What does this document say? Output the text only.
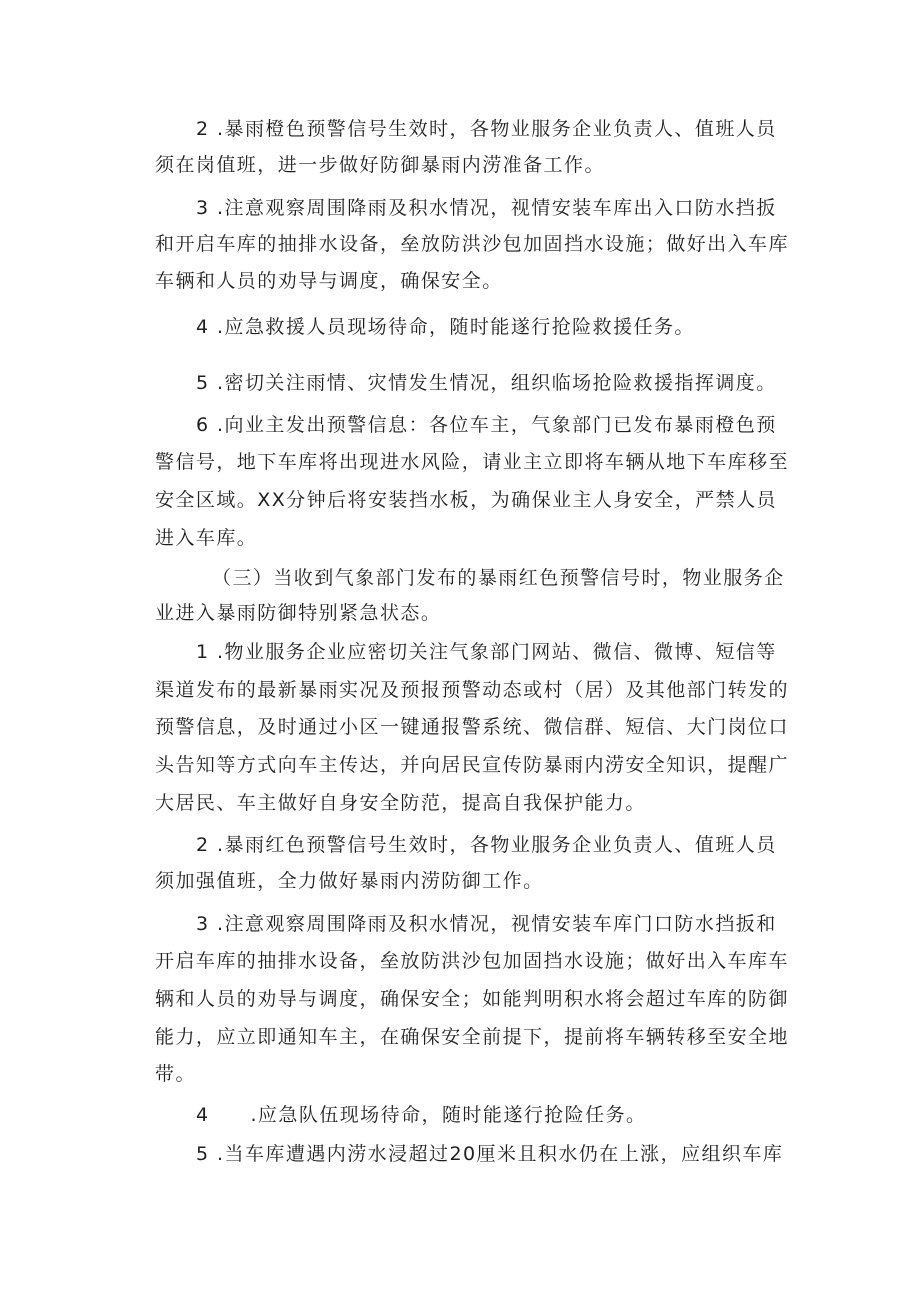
2 .暴雨橙色预警信号生效时，各物业服务企业负责人、值班人员

须在岗值班，进一步做好防御暴雨内涝准备工作。

3 .注意观察周围降雨及积水情况，视情安装车库出入口防水挡扳

和开启车库的抽排水设备，垒放防洪沙包加固挡水设施；做好出入车库

车辆和人员的劝导与调度，确保安全。

4 .应急救援人员现场待命，随时能遂行抢险救援任务。

5 .密切关注雨情、灾情发生情况，组织临场抢险救援指挥调度。

6 .向业主发出预警信息：各位车主，气象部门已发布暴雨橙色预

警信号，地下车库将出现进水风险，请业主立即将车辆从地下车库移至

安全区域。XX分钟后将安装挡水板，为确保业主人身安全，严禁人员

进入车库。

（三）当收到气象部门发布的暴雨红色预警信号时，物业服务企

业进入暴雨防御特别紧急状态。

1 .物业服务企业应密切关注气象部门网站、微信、微博、短信等

渠道发布的最新暴雨实况及预报预警动态或村（居）及其他部门转发的

预警信息，及时通过小区一键通报警系统、微信群、短信、大门岗位口

头告知等方式向车主传达，并向居民宣传防暴雨内涝安全知识，提醒广

大居民、车主做好自身安全防范，提高自我保护能力。

2 .暴雨红色预警信号生效时，各物业服务企业负责人、值班人员

须加强值班，全力做好暴雨内涝防御工作。

3 .注意观察周围降雨及积水情况，视情安装车库门口防水挡扳和

开启车库的抽排水设备，垒放防洪沙包加固挡水设施；做好出入车库车

辆和人员的劝导与调度，确保安全；如能判明积水将会超过车库的防御

能力，应立即通知车主，在确保安全前提下，提前将车辆转移至安全地

带。

4　　.应急队伍现场待命，随时能遂行抢险任务。

5 .当车库遭遇内涝水浸超过20厘米且积水仍在上涨，应组织车库
